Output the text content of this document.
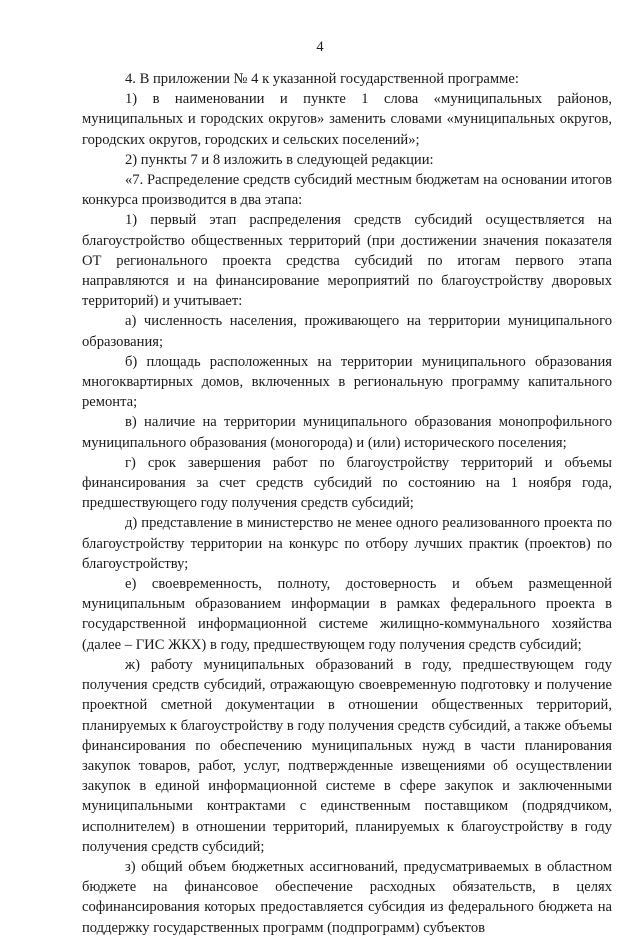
4

4. В приложении № 4 к указанной государственной программе:

1) в наименовании и пункте 1 слова «муниципальных районов, муниципальных и городских округов» заменить словами «муниципальных округов, городских округов, городских и сельских поселений»;

2) пункты 7 и 8 изложить в следующей редакции:

«7. Распределение средств субсидий местным бюджетам на основании итогов конкурса производится в два этапа:

1) первый этап распределения средств субсидий осуществляется на благоустройство общественных территорий (при достижении значения показателя ОТ регионального проекта средства субсидий по итогам первого этапа направляются и на финансирование мероприятий по благоустройству дворовых территорий) и учитывает:

а) численность населения, проживающего на территории муниципального образования;

б) площадь расположенных на территории муниципального образования многоквартирных домов, включенных в региональную программу капитального ремонта;

в) наличие на территории муниципального образования монопрофильного муниципального образования (моногорода) и (или) исторического поселения;

г) срок завершения работ по благоустройству территорий и объемы финансирования за счет средств субсидий по состоянию на 1 ноября года, предшествующего году получения средств субсидий;

д) представление в министерство не менее одного реализованного проекта по благоустройству территории на конкурс по отбору лучших практик (проектов) по благоустройству;

е) своевременность, полноту, достоверность и объем размещенной муниципальным образованием информации в рамках федерального проекта в государственной информационной системе жилищно-коммунального хозяйства (далее – ГИС ЖКХ) в году, предшествующем году получения средств субсидий;

ж) работу муниципальных образований в году, предшествующем году получения средств субсидий, отражающую своевременную подготовку и получение проектной сметной документации в отношении общественных территорий, планируемых к благоустройству в году получения средств субсидий, а также объемы финансирования по обеспечению муниципальных нужд в части планирования закупок товаров, работ, услуг, подтвержденные извещениями об осуществлении закупок в единой информационной системе в сфере закупок и заключенными муниципальными контрактами с единственным поставщиком (подрядчиком, исполнителем) в отношении территорий, планируемых к благоустройству в году получения средств субсидий;

з) общий объем бюджетных ассигнований, предусматриваемых в областном бюджете на финансовое обеспечение расходных обязательств, в целях софинансирования которых предоставляется субсидия из федерального бюджета на поддержку государственных программ (подпрограмм) субъектов
